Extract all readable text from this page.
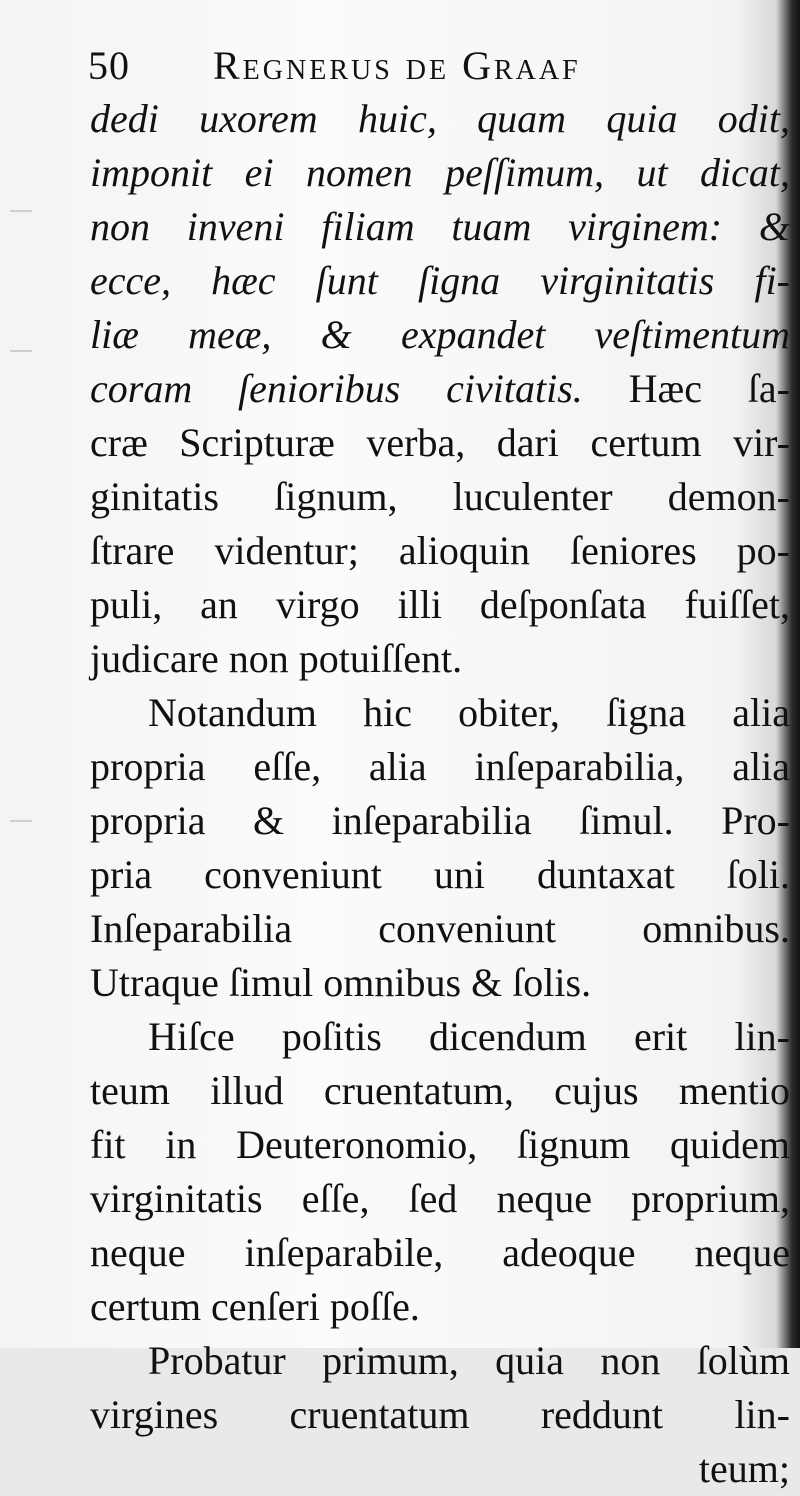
50 Regnerus de Graaf
dedi uxorem huic, quam quia odit,
imponit ei nomen peſſimum, ut dicat,
non inveni filiam tuam virginem: &
ecce, hæc ſunt ſigna virginitatis fi-
liæ meæ, & expandet veſtimentum
coram ſenioribus civitatis. Hæc ſa-
cræ Scripturæ verba, dari certum vir-
ginitatis ſignum, luculenter demon-
ſtrare videntur; alioquin ſeniores po-
puli, an virgo illi deſponſata fuiſſet,
judicare non potuiſſent.
Notandum hic obiter, ſigna alia
propria eſſe, alia inſeparabilia, alia
propria & inſeparabilia ſimul. Pro-
pria conveniunt uni duntaxat ſoli.
Inſeparabilia conveniunt omnibus.
Utraque ſimul omnibus & ſolis.
Hiſce poſitis dicendum erit lin-
teum illud cruentatum, cujus mentio
fit in Deuteronomio, ſignum quidem
virginitatis eſſe, ſed neque proprium,
neque inſeparabile, adeoque neque
certum cenſeri poſſe.
Probatur primum, quia non ſolùm
virgines cruentatum reddunt lin-
teum;
